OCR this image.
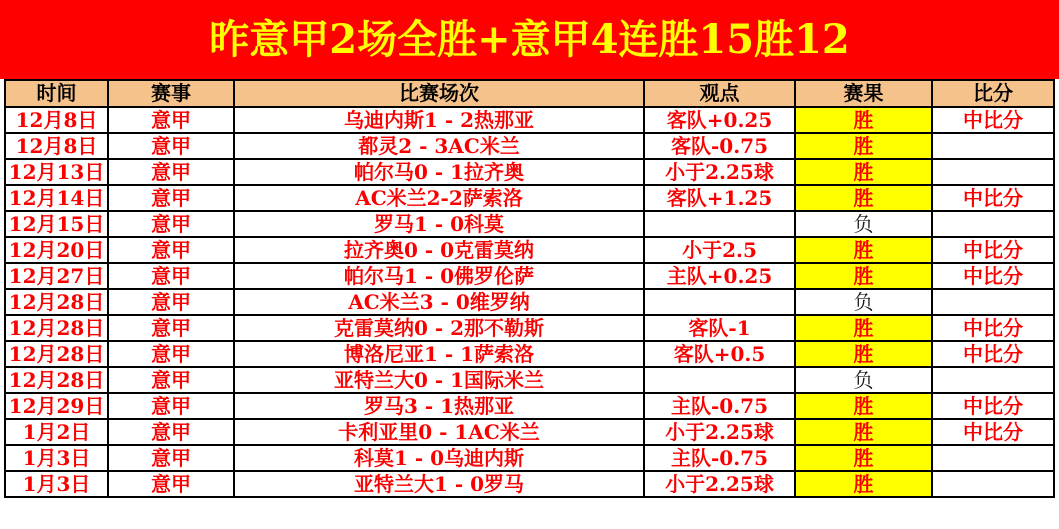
昨意甲2场全胜+意甲4连胜15胜12
时间	赛事	比赛场次	观点	赛果	比分
12月8日	意甲	乌迪内斯1 - 2热那亚	客队+0.25	胜	中比分
12月8日	意甲	都灵2 - 3AC米兰	客队-0.75	胜	
12月13日	意甲	帕尔马0 - 1拉齐奥	小于2.25球	胜	
12月14日	意甲	AC米兰2-2萨索洛	客队+1.25	胜	中比分
12月15日	意甲	罗马1 - 0科莫		负	
12月20日	意甲	拉齐奥0 - 0克雷莫纳	小于2.5	胜	中比分
12月27日	意甲	帕尔马1 - 0佛罗伦萨	主队+0.25	胜	中比分
12月28日	意甲	AC米兰3 - 0维罗纳		负	
12月28日	意甲	克雷莫纳0 - 2那不勒斯	客队-1	胜	中比分
12月28日	意甲	博洛尼亚1 - 1萨索洛	客队+0.5	胜	中比分
12月28日	意甲	亚特兰大0 - 1国际米兰		负	
12月29日	意甲	罗马3 - 1热那亚	主队-0.75	胜	中比分
1月2日	意甲	卡利亚里0 - 1AC米兰	小于2.25球	胜	中比分
1月3日	意甲	科莫1 - 0乌迪内斯	主队-0.75	胜	
1月3日	意甲	亚特兰大1 - 0罗马	小于2.25球	胜	
